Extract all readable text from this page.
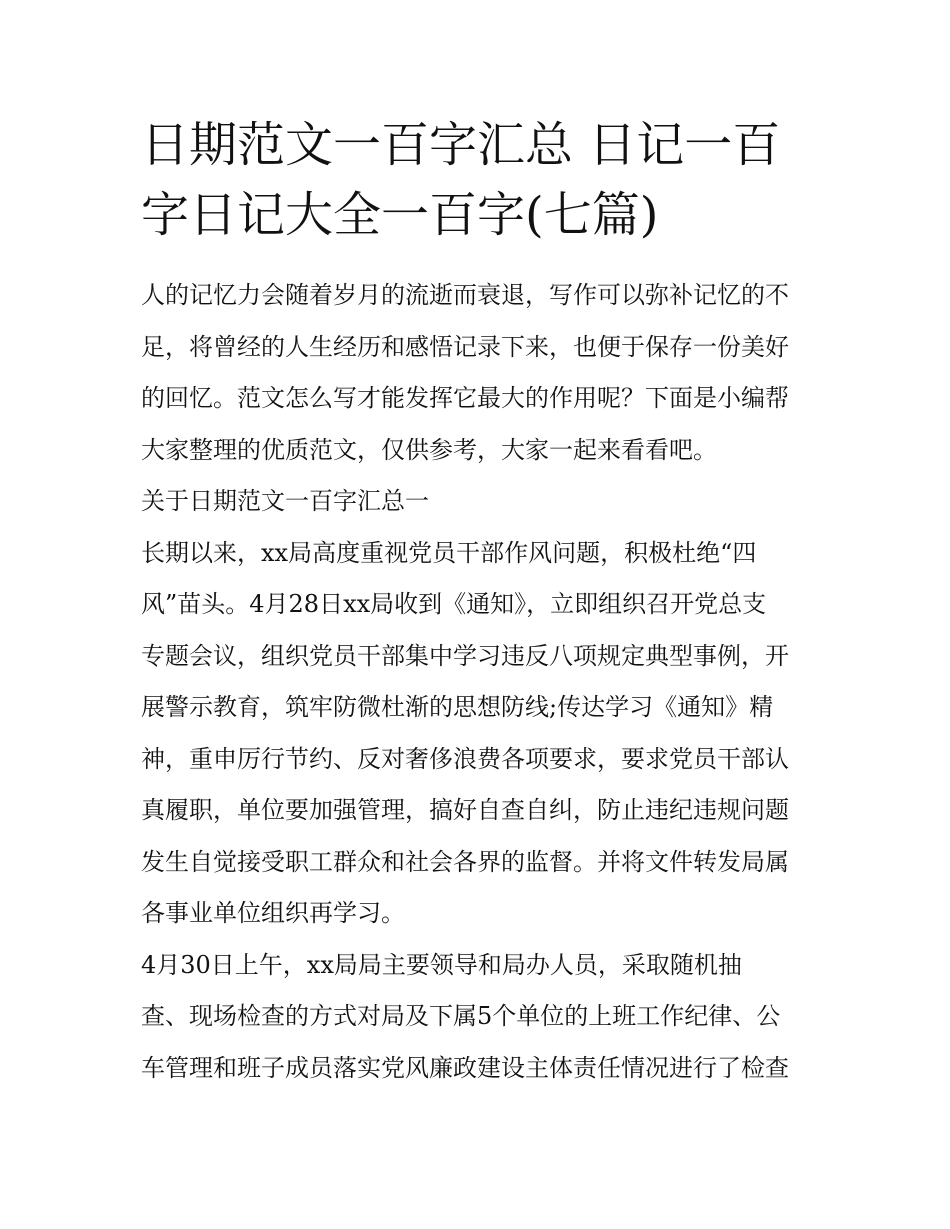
日期范文一百字汇总 日记一百
字日记大全一百字(七篇)
人的记忆力会随着岁月的流逝而衰退，写作可以弥补记忆的不
足，将曾经的人生经历和感悟记录下来，也便于保存一份美好
的回忆。范文怎么写才能发挥它最大的作用呢？下面是小编帮
大家整理的优质范文，仅供参考，大家一起来看看吧。
关于日期范文一百字汇总一
长期以来，xx局高度重视党员干部作风问题，积极杜绝“四
风”苗头。4月28日xx局收到《通知》，立即组织召开党总支
专题会议，组织党员干部集中学习违反八项规定典型事例，开
展警示教育，筑牢防微杜渐的思想防线;传达学习《通知》精
神，重申厉行节约、反对奢侈浪费各项要求，要求党员干部认
真履职，单位要加强管理，搞好自查自纠，防止违纪违规问题
发生自觉接受职工群众和社会各界的监督。并将文件转发局属
各事业单位组织再学习。
4月30日上午，xx局局主要领导和局办人员，采取随机抽
查、现场检查的方式对局及下属5个单位的上班工作纪律、公
车管理和班子成员落实党风廉政建设主体责任情况进行了检查
